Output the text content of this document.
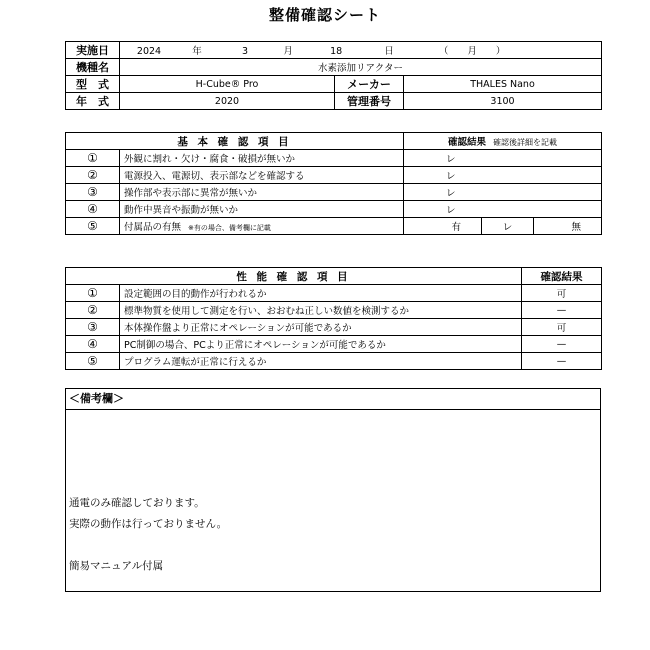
整備確認シート
実施日	2024 年 3 月 18 日 （　　月　　）		
機種名	水素添加リアクター		
型　式	H-Cube® Pro	メーカー	THALES Nano
年　式	2020	管理番号	3100
基 本 確 認 項 目		確認結果 確認後詳細を記載		
①	外観に割れ・欠け・腐食・破損が無いか	レ		
②	電源投入、電源切、表示部などを確認する	レ		
③	操作部や表示部に異常が無いか	レ		
④	動作中異音や振動が無いか	レ		
⑤	付属品の有無 ※有の場合、備考欄に記載	有	レ	無
性 能 確 認 項 目		確認結果
①	設定範囲の目的動作が行われるか	可
②	標準物質を使用して測定を行い、おおむね正しい数値を検測するか	—
③	本体操作盤より正常にオペレーションが可能であるか	可
④	PC制御の場合、PCより正常にオペレーションが可能であるか	—
⑤	プログラム運転が正常に行えるか	—
＜備考欄＞
通電のみ確認しております。
実際の動作は行っておりません。
簡易マニュアル付属
